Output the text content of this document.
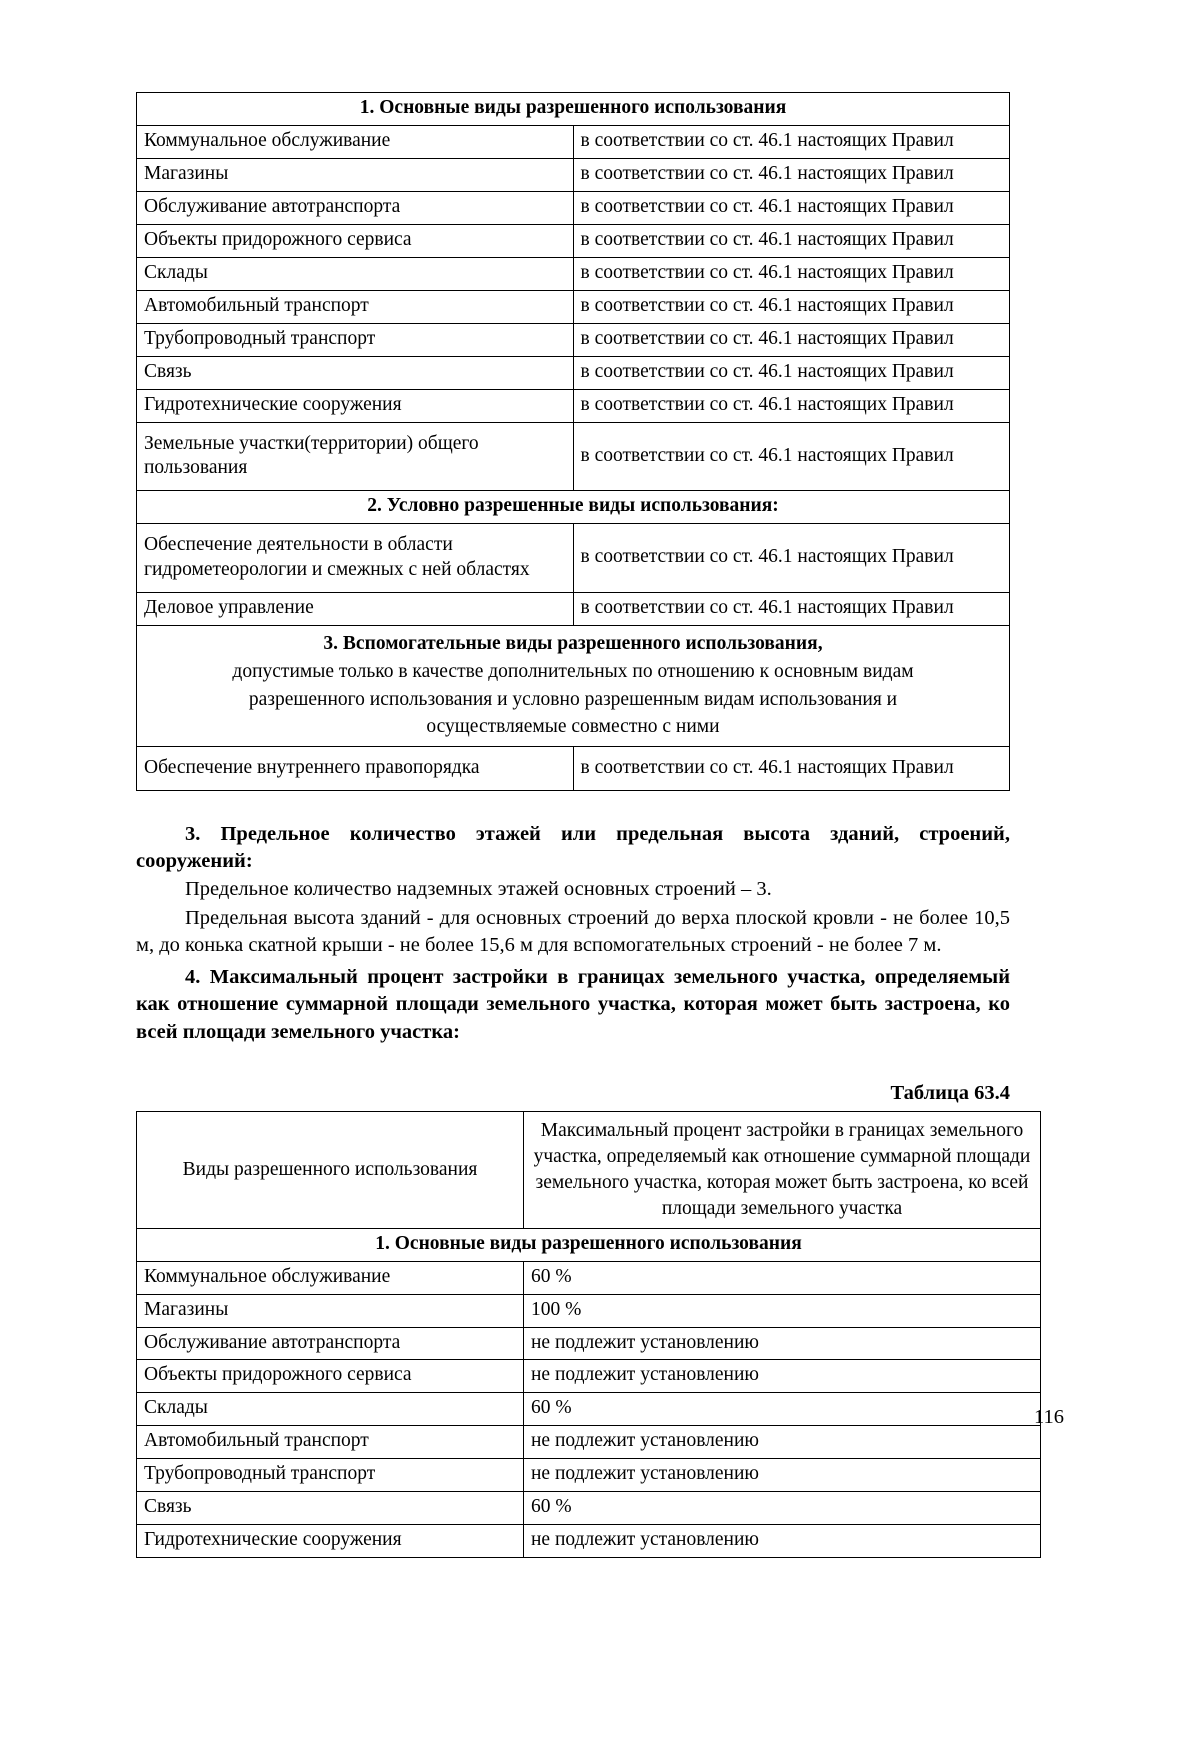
1. Основные виды разрешенного использования	
Коммунальное обслуживание	в соответствии со ст. 46.1 настоящих Правил
Магазины	в соответствии со ст. 46.1 настоящих Правил
Обслуживание автотранспорта	в соответствии со ст. 46.1 настоящих Правил
Объекты придорожного сервиса	в соответствии со ст. 46.1 настоящих Правил
Склады	в соответствии со ст. 46.1 настоящих Правил
Автомобильный транспорт	в соответствии со ст. 46.1 настоящих Правил
Трубопроводный транспорт	в соответствии со ст. 46.1 настоящих Правил
Связь	в соответствии со ст. 46.1 настоящих Правил
Гидротехнические сооружения	в соответствии со ст. 46.1 настоящих Правил
Земельные участки(территории) общего пользования	в соответствии со ст. 46.1 настоящих Правил
2. Условно разрешенные виды использования:	
Обеспечение деятельности в области гидрометеорологии и смежных с ней областях	в соответствии со ст. 46.1 настоящих Правил
Деловое управление	в соответствии со ст. 46.1 настоящих Правил

3. Вспомогательные виды разрешенного использования,
допустимые только в качестве дополнительных по отношению к основным видам
разрешенного использования и условно разрешенным видам использования и
осуществляемые совместно с ними	

Обеспечение внутреннего правопорядка	в соответствии со ст. 46.1 настоящих Правил

3. Предельное количество этажей или предельная высота зданий, строений, сооружений:

Предельное количество надземных этажей основных строений – 3.

Предельная высота зданий - для основных строений до верха плоской кровли - не более 10,5 м, до конька скатной крыши - не более 15,6 м для вспомогательных строений - не более 7 м.

4. Максимальный процент застройки в границах земельного участка, определяемый как отношение суммарной площади земельного участка, которая может быть застроена, ко всей площади земельного участка:

Таблица 63.4

Виды разрешенного использования	Максимальный процент застройки в границах земельного участка, определяемый как отношение суммарной площади земельного участка, которая может быть застроена, ко всей площади земельного участка
1. Основные виды разрешенного использования	
Коммунальное обслуживание	60 %
Магазины	100 %
Обслуживание автотранспорта	не подлежит установлению
Объекты придорожного сервиса	не подлежит установлению
Склады	60 %
Автомобильный транспорт	не подлежит установлению
Трубопроводный транспорт	не подлежит установлению
Связь	60 %
Гидротехнические сооружения	не подлежит установлению
116
